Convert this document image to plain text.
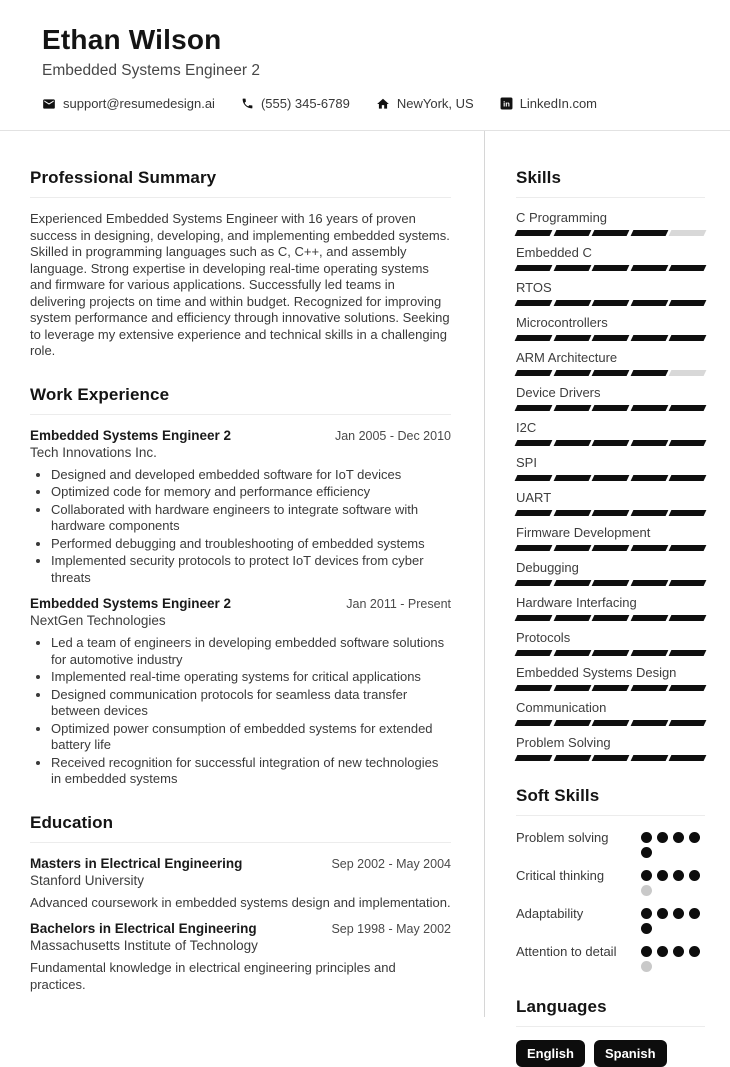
Ethan Wilson
Embedded Systems Engineer 2
support@resumedesign.ai	(555) 345-6789	NewYork, US in LinkedIn.com
Professional Summary

Experienced Embedded Systems Engineer with 16 years of proven success in designing, developing, and implementing embedded systems. Skilled in programming languages such as C, C++, and assembly language. Strong expertise in developing real-time operating systems and firmware for various applications. Successfully led teams in delivering projects on time and within budget. Recognized for improving system performance and efficiency through innovative solutions. Seeking to leverage my extensive experience and technical skills in a challenging role.

Work Experience
Embedded Systems Engineer 2	Jan 2005 - Dec 2010
Tech Innovations Inc.
• Designed and developed embedded software for IoT devices
• Optimized code for memory and performance efficiency
• Collaborated with hardware engineers to integrate software with hardware components
• Performed debugging and troubleshooting of embedded systems
• Implemented security protocols to protect IoT devices from cyber threats
Embedded Systems Engineer 2	Jan 2011 - Present
NextGen Technologies
• Led a team of engineers in developing embedded software solutions for automotive industry
• Implemented real-time operating systems for critical applications
• Designed communication protocols for seamless data transfer between devices
• Optimized power consumption of embedded systems for extended battery life
• Received recognition for successful integration of new technologies in embedded systems
Education
Masters in Electrical Engineering	Sep 2002 - May 2004
Stanford University
Advanced coursework in embedded systems design and implementation.
Bachelors in Electrical Engineering	Sep 1998 - May 2002
Massachusetts Institute of Technology
Fundamental knowledge in electrical engineering principles and practices.
Skills
C Programming
Embedded C
RTOS
Microcontrollers
ARM Architecture
Device Drivers
I2C
SPI
UART
Firmware Development
Debugging
Hardware Interfacing
Protocols
Embedded Systems Design
Communication
Problem Solving
Soft Skills
Problem solving
Critical thinking
Adaptability
Attention to detail
Languages
English	Spanish
